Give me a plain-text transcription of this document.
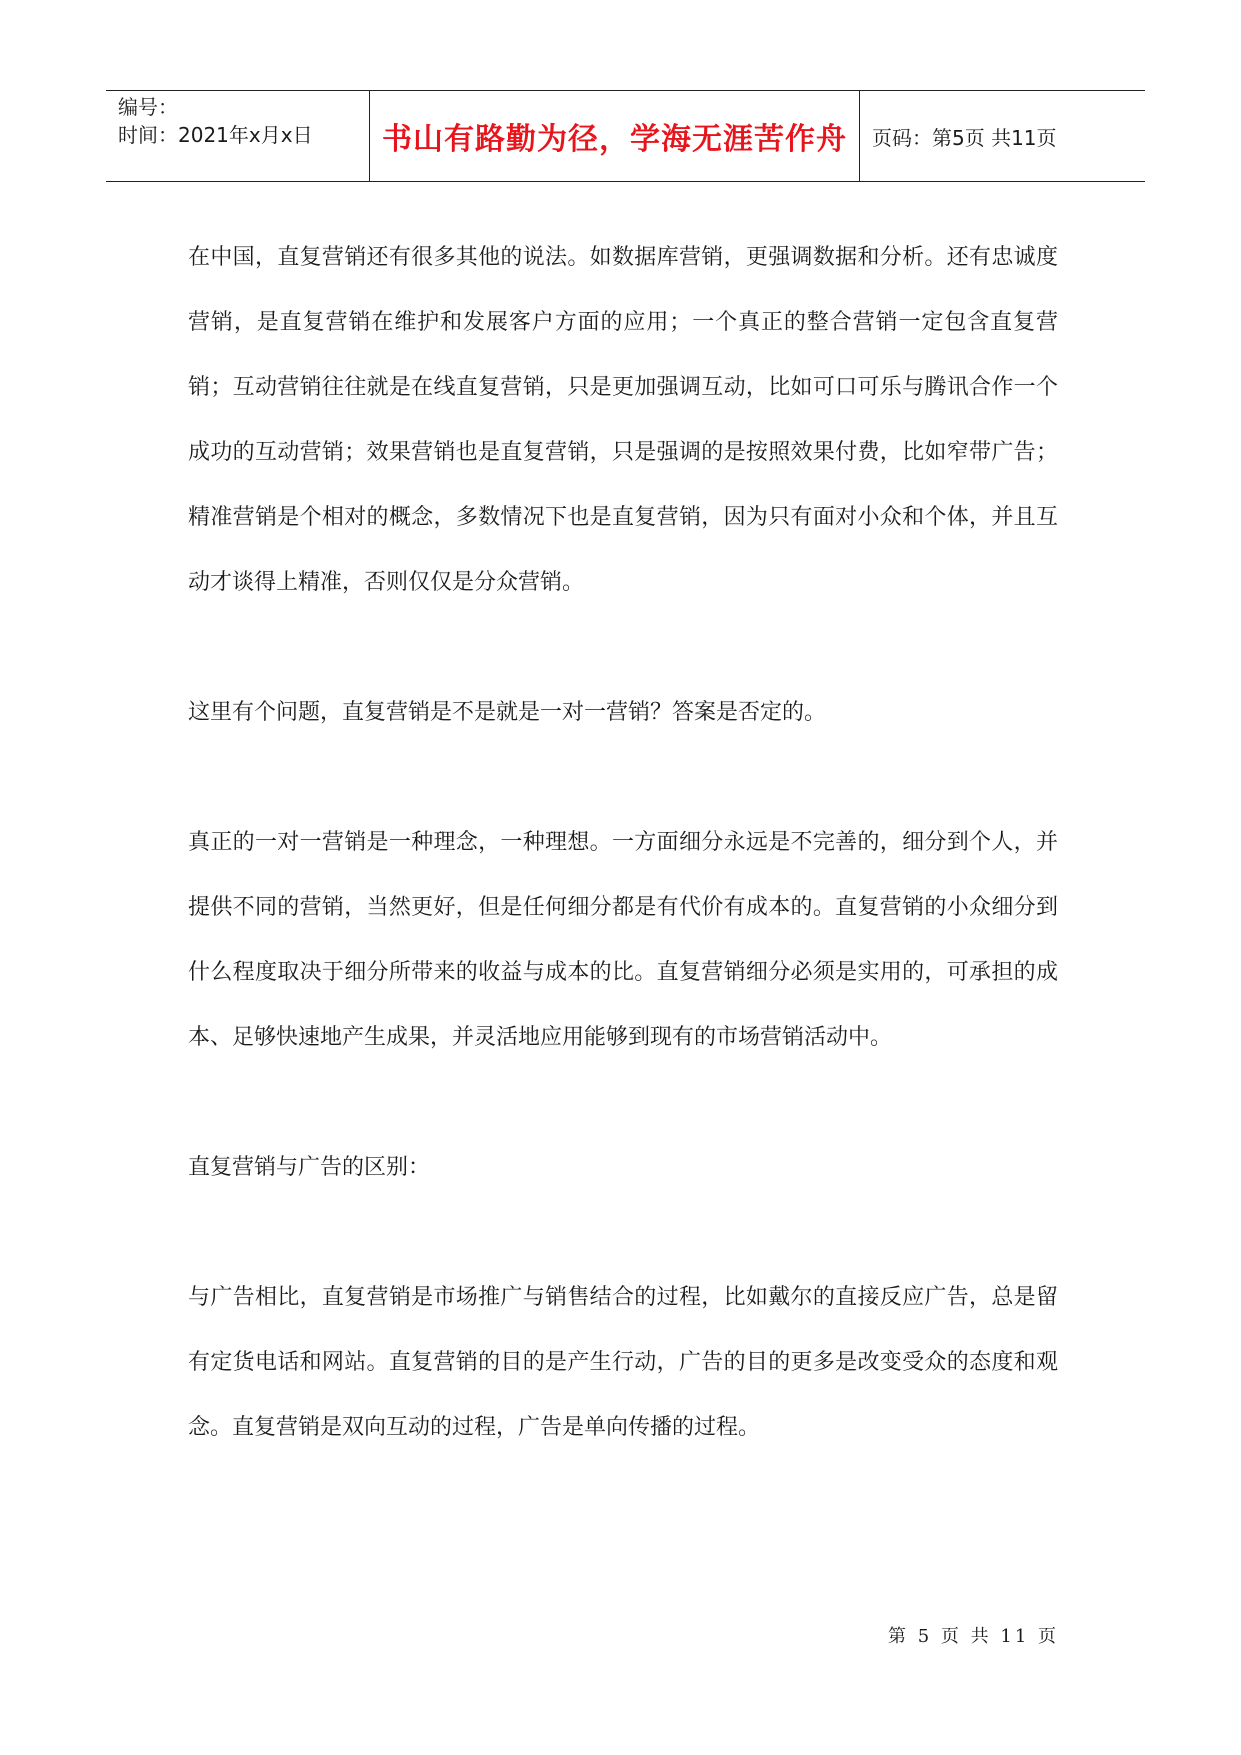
编号：
时间：2021年x月x日	书山有路勤为径，学海无涯苦作舟	页码：第5页 共11页

在中国，直复营销还有很多其他的说法。如数据库营销，更强调数据和分析。还有忠诚度营销，是直复营销在维护和发展客户方面的应用；一个真正的整合营销一定包含直复营销；互动营销往往就是在线直复营销，只是更加强调互动，比如可口可乐与腾讯合作一个成功的互动营销；效果营销也是直复营销，只是强调的是按照效果付费，比如窄带广告；精准营销是个相对的概念，多数情况下也是直复营销，因为只有面对小众和个体，并且互动才谈得上精准，否则仅仅是分众营销。

这里有个问题，直复营销是不是就是一对一营销？答案是否定的。

真正的一对一营销是一种理念，一种理想。一方面细分永远是不完善的，细分到个人，并提供不同的营销，当然更好，但是任何细分都是有代价有成本的。直复营销的小众细分到什么程度取决于细分所带来的收益与成本的比。直复营销细分必须是实用的，可承担的成本、足够快速地产生成果，并灵活地应用能够到现有的市场营销活动中。

直复营销与广告的区别：

与广告相比，直复营销是市场推广与销售结合的过程，比如戴尔的直接反应广告，总是留有定货电话和网站。直复营销的目的是产生行动，广告的目的更多是改变受众的态度和观念。直复营销是双向互动的过程，广告是单向传播的过程。

第 5 页 共 11 页
